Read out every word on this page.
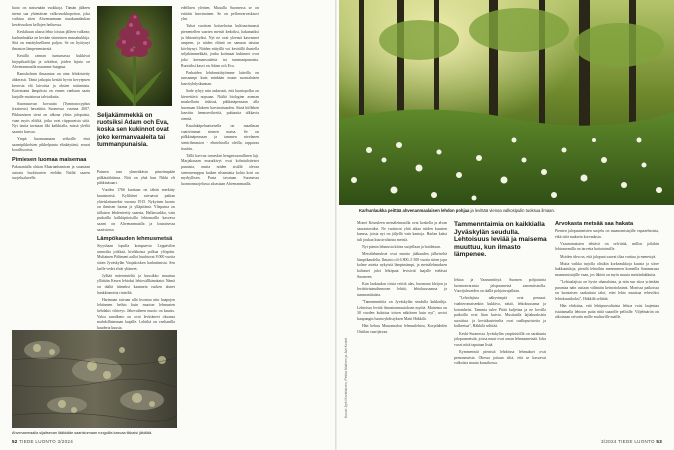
luoto on sinisenään vuokkoja. Tämän jälkeen niemi saa yhtenäisen valkovuokkopeiton, joka vaihtuu siten Ahvenanmaan maakuntakukan kevätvuokon kellojen heiluessa.

Keskikuun alussa lehto toistaa jälleen valkeaa; karhunlaukka on kevään viimeinen massakukkija. Sitä on ennätyksellinen paljon. Se on hyötynyt ilmaston lämpenemisestä.

Kesällä rannan tuntumassa kukkivat kirjopikarililjat ja orkideat, joiden lajisto on Ahvenanmaalla maamme huippua.

Ramsholmin ilmaantua on aina lehdoistetty ahkerasti. Tämä jatkopiu kestää hyvin kevyepuen kerrosta elä latvoista ja oksien taittamista. Kuivatunta lämpöista on ennen vanhaan saatu karjalle muistorua talviaikatta.

Saarnasuvun kovuutta (Tymnonocyphus fraxineus) havaittiin Suomessa vuonna 2007. Pikkuruinen sieni on ulkona ylisin jalopuista, vaan myös elöiltä, jotka ovat riippuvaisia siitä. Nyt tautia tavataan liki kaikkialla, missä yleiltä saarnia kasvaa.

Ympä huomaamaan seikoille etuä saarnipikkelsien pikkelpunta elinkäytänä, seurat korallisorisia.

Pimiesen luomaa maisemaa

Pakasantalla ohitan Maarianhamiran ja suuntaan autosta huolitsarien eteläån Näiltä saaren suojelualueelle.

Seljakämmekkä on ruotsiksi Adam och Eva, koska sen kukinnot ovat joko kermanvaaleita tai tummanpunaisia.

Paimen taas yhmeäkäsin pimeämpään pälkästähtiinsa. Näit on yhtä kun Nikki eli pähkinäsaari.

Vuoden 1766 karttaan on tähän merkitty kuusimetsä. Kyliläiset raivaavat paikan yhteislaitumeksi vuonna 1915. Nykyinen luonto on ihmisen luoma ja ylläpitämä. Ylispuina on tällaisen lehdenteetty saarnia, Hallarsarkka, vain purkailla kalkkipitoisilla lehtomailla kasvava saarni on Ahvenanmaalla ja lounaisessa saaristossa

Lämpökauden lehmusmetsä

Styyshaan lopulla kompuevio Leppävilen rannoilta jotkkaä, kivikkoina polkua ylöspäin. Multainen Pälämeni aallot huuhtovat 8 000 vuotta sitten Jyväskylän Vaajakosken harhutimista. Sen laelle vedet elvät yltäneet.

Jylhää mäenrinteltä ja kuusikko muuttuu yllättäin Keurn lehtoksi lehtovällkämätatoi Nämä on täältä itämeksi kaanneia ruoken alueet hankkinnoitta rinteiltä.

Hartmaan taivaan alla kvontaa niin haapojen lehtiamen heihto kuin muoton lehmusten hehdakis vihireys. Jäkevaiheen muoto on kaunis. Valoa sanalkeno on ovat levittäneet oksansa mahdollisimman laajalle. Lehtiltä on vaeltanilla kauderta kuusia.

edellisen yleinen. Muualla Suomessa se on erittäin harvinainen. Se on pellonvarvaskasvi ylni.

Tuhat vuotisen kotiaehotus kulttuurimaasti pienentellen saarten metsät kedoiksi, hakamaiksi ja lehtoniityiksi. Nyt ne ovat yleensä kasvaneet umpeen, ja niiden eläinä on samaan taistun kövhtynyt. Näiden niityillä voi keväällä ihastella seljakämmekkää, jonka kotimaat kukinnot ovat joko kermanvaaleita tai tummanpunaisia. Ruotsiksi kasvi on Adam och Eva.

Parhaiden lehdonniittyömme laiteilla on runsaampi kuin minkään muun suomalaisen kasvityhdyskunnan.

Sade ryhyy niin ankarasti, että luontopolku on kierrettävä nopsaan. Näiltä biologien aseman maskellarin tiskissä, pähkinäpensaan alla huomaan lilokeen harvinaisuuden. Siinä kiilleken kasvitin hennonvihreitä, puhtautta ulkkavia siemiä.

Kasalakäpehaaisenella on maailman vaativimmat siemen maisa. Se on pälkkinäpensaan ja tammen nivelanen sienirihmaston - elintehtoilla oleilla; tappavaa itseään.

Tällä kavvaa tomeskin hengenvaarallinen laji. Marjakasaan muratkivyt ovat kolmiulotteiset punaista, mutta niiden sisällä olevaa sienenremppas kaiken nlsamiatta kohta koet on myrkyllisen. Pusta tavataan Suomessa luonnonsuojelussa aloastaan Ahvenanmaalla.

Ahvenanmaalla sijaitsevan lääkkään saaristomaan rungoilla kasvaa tikkaisi jäkälää.
52 TIEDE LUONTO 3/2024
Karhunlaukka peittää ahvenanmaalaisen lehdon pohjaa ja levittää vienoa valkosipulin tuoksua ilmaan.
Kuvat: Jyrki Kortelainen, Pekka Malinen ja Jari Kostet

Monet Keuruleen metsäleimasilla ovat koskella ja alvan saurautavaksi. Ne varttuvat yhtä aikaa niiden kuusten kanssa, joista nyt on jäljellä vain kantoja. Harlan kaksi tuli joukaa kuusivaltaisia metsiä.

Nyt pienin lehmusta kiitea suojellaan ja hoidetaan.

Metsälehmukset ovat muisto jääkauden jälkeiseltä lämpökaudelta. Ilmasto oli 6 800–5 500 vuotta sitten jopa kolme astetta nykyistä lämpimämpi, ja metsälehmuksen kaltaiset jalot lehtipuut levisivät laajalle etelässä Suomeen.

Kun lauksudon toista reittiä alas, huomaan kleijon ja levittäviainuihenosen lehtiä, lehtokuusaansa ja tummaniitaista.

"Tammenniiitta on Jyväskylän seudulla kukkailija. Lehtoissa leviää ilmastonmuutoksen myötä. Maisema on 30 vuoden kuluttua toisen näköinen kuin nyt", arvioi kaupungin luontoyhdistyksen Matti Häkkilä.

Hän kehuu Muuramalon lehmuslehtoa, Korpilahden Oittilan vaarijärvaa.

Tammenntaimia on kaikkialla Jyväskylän seudulla. Lehtoisuus leviää ja maisema muuttuu, kun ilmasto lämpenee.

lehtoa ja Vaarunniittyä. Suomen pohjoisinta luonnonvaraista jalopuumetsä sanomitsisolla. Vuorijalavaiden on täällä pohjoisrajallaan.

"Lehtolajista näkyvimpiä ovat pensaat: vaahteromaisenkin kukkiva, näsiä, lehtokuusama ja koiranheisi. Tammia tulee Pitää kuljettaa ja ne kovilla paikoilla ovat liian kuivia. Mustiaalla lajiakuuksista suosittua. ja kevätkusteiselta ovat oudlopuristeita ja kulkeetua", Häkkilä selittää.

Keski-Suomessa Jyväskylän ympäristöllä on sarakunta jalopuumetsää, joissa muut ovat oman lehmusmetsää. Joka vuosi niitä tapataan lisää.

Kymmenistä pienistä lehdoissa lehmukset ovat pensasmaisia. Ohessa joitaan siltä, että se kasvavat valkoista muuta kuusikossa.

Arvokasta metsää saa hakata

Pienten jalopuumetsien suojelu on maanomistajille vapaaehtoista, eikä siitä makseta korvauksia.

Vsaanomaisten tehtävä on selvittää, millon joilakin lehtoasemilla on tarvetta hoitotoimille.

Moiden idea on, että jalopuut saavat tilaa varttua ja menestyä.

Mutta vaikka tarjolla olisikin korkeaukkoja kuusia ja siirre hakkuutuloja, pienilä lehtoihin menemmen komeilla Sammarusa maanomistajille vaan, jos lähteä on myös muuta metsänhakkuita.

"Lehtoalajisto on hyvin uhanalaista, ja niin suo sitoa yritetään parantaa näin ositaan välimäin keinottoksinni. Monissa paikoissa on luontaisen saakuttuia talot, ettei lehto muuttua rehevöksi lehtokuusikoksi", Häkkilä selittää.

Hän ehdottaa, että lehtipuuvaltaista lehtoa voisi laajentaa istuttamalla lehtoon puita niitä saaarille pelloille. Viljelmäriin on aikoinaan raivattu mölle multaville maille.

3/2024 TIEDE LUONTO 53
